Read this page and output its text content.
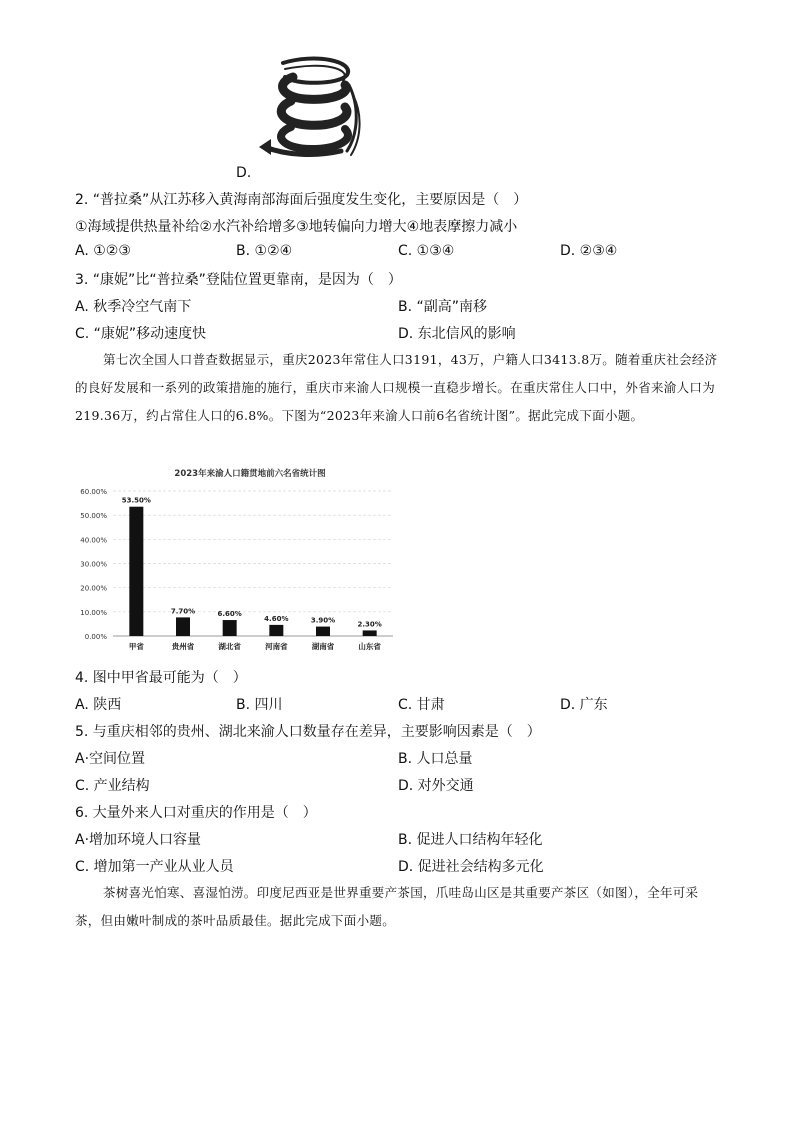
D.
2. “普拉桑”从江苏移入黄海南部海面后强度发生变化，主要原因是（　）
①海域提供热量补给②水汽补给增多③地转偏向力增大④地表摩擦力减小
A. ①②③	B. ①②④	C. ①③④	D. ②③④
3. “康妮”比“普拉桑”登陆位置更靠南，是因为（　）
A. 秋季冷空气南下	B. “副高”南移
C. “康妮”移动速度快	D. 东北信风的影响
第七次全国人口普查数据显示，重庆2023年常住人口3191，43万，户籍人口3413.8万。随着重庆社会经济的良好发展和一系列的政策措施的施行，重庆市来渝人口规模一直稳步增长。在重庆常住人口中，外省来渝人口为219.36万，约占常住人口的6.8%。下图为“2023年来渝人口前6名省统计图”。据此完成下面小题。
2023年来渝人口籍贯地前六名省统计图
0.00%
10.00%
20.00%
30.00%
40.00%
50.00%
60.00%
53.50%
7.70%	6.60%
4.60%	3.90%	2.30%
甲省	贵州省	湖北省	河南省	湖南省	山东省
4. 图中甲省最可能为（　）
A. 陕西	B. 四川	C. 甘肃	D. 广东
5. 与重庆相邻的贵州、湖北来渝人口数量存在差异，主要影响因素是（　）
A·空间位置	B. 人口总量
C. 产业结构	D. 对外交通
6. 大量外来人口对重庆的作用是（　）
A·增加环境人口容量	B. 促进人口结构年轻化
C. 增加第一产业从业人员	D. 促进社会结构多元化
茶树喜光怕寒、喜湿怕涝。印度尼西亚是世界重要产茶国，爪哇岛山区是其重要产茶区（如图），全年可采茶，但由嫩叶制成的茶叶品质最佳。据此完成下面小题。
